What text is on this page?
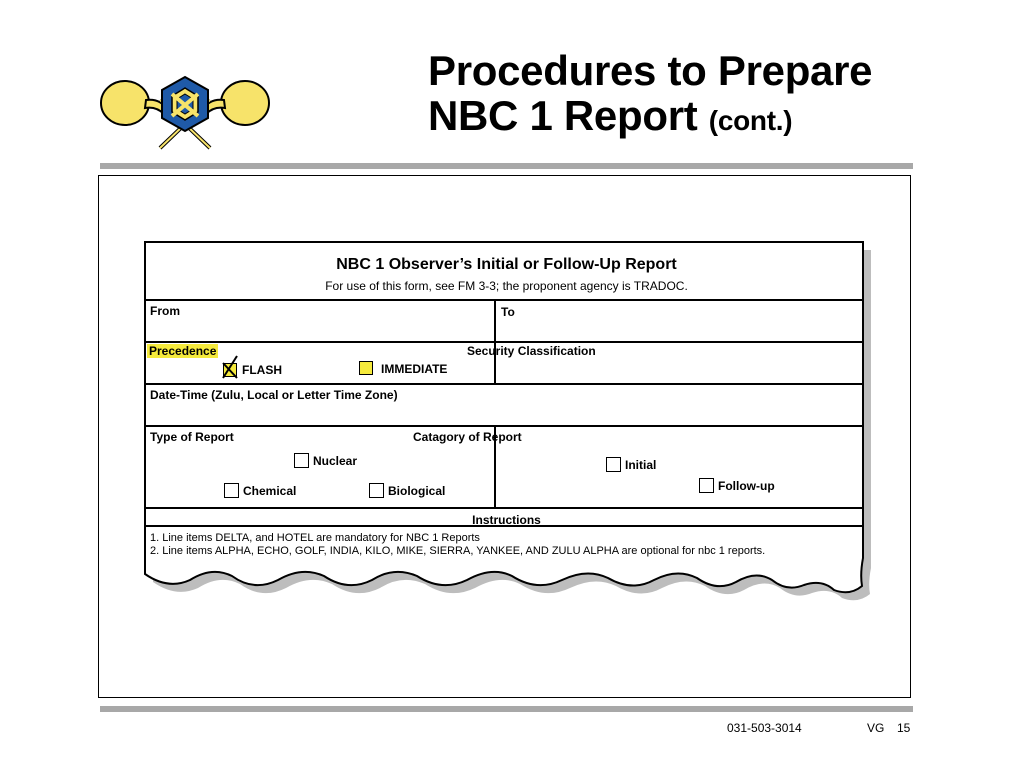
Procedures to Prepare
NBC 1 Report (cont.)
NBC 1 Observer’s Initial or Follow-Up Report
For use of this form, see FM 3-3; the proponent agency is TRADOC.
From	To
Precedence	Security Classification
FLASH	IMMEDIATE
Date-Time (Zulu, Local or Letter Time Zone)
Type of Report	Catagory of Report
Nuclear
Chemical	Biological
Initial
Follow-up
Instructions
1. Line items DELTA, and HOTEL are mandatory for NBC 1 Reports
2. Line items ALPHA, ECHO, GOLF, INDIA, KILO, MIKE, SIERRA, YANKEE, AND ZULU ALPHA are optional for nbc 1 reports.
031-503-3014	VG 15
